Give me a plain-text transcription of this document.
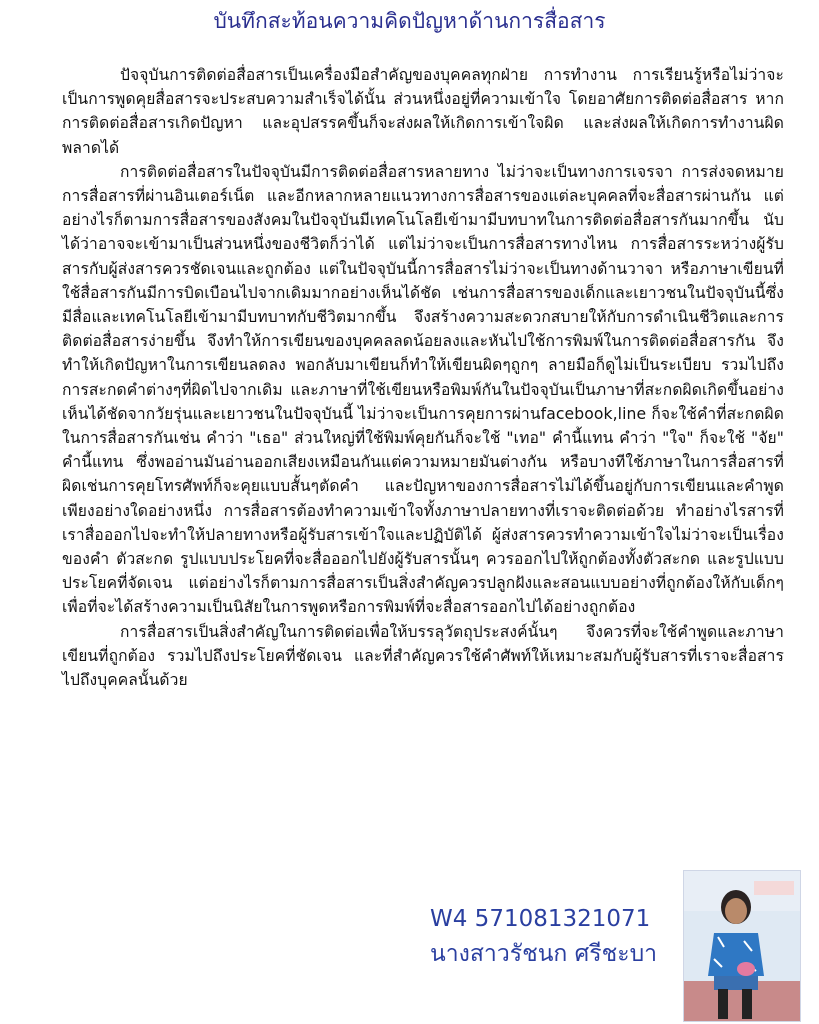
บันทึกสะท้อนความคิดปัญหาด้านการสื่อสาร

ปัจจุบันการติดต่อสื่อสารเป็นเครื่องมือสำคัญของบุคคลทุกฝ่าย การทำงาน การเรียนรู้หรือไม่ว่าจะเป็นการพูดคุยสื่อสารจะประสบความสำเร็จได้นั้น ส่วนหนึ่งอยู่ที่ความเข้าใจ โดยอาศัยการติดต่อสื่อสาร หากการติดต่อสื่อสารเกิดปัญหา และอุปสรรคขึ้นก็จะส่งผลให้เกิดการเข้าใจผิด และส่งผลให้เกิดการทำงานผิดพลาดได้

การติดต่อสื่อสารในปัจจุบันมีการติดต่อสื่อสารหลายทาง ไม่ว่าจะเป็นทางการเจรจา การส่งจดหมาย การสื่อสารที่ผ่านอินเตอร์เน็ต และอีกหลากหลายแนวทางการสื่อสารของแต่ละบุคคลที่จะสื่อสารผ่านกัน แต่อย่างไรก็ตามการสื่อสารของสังคมในปัจจุบันมีเทคโนโลยีเข้ามามีบทบาทในการติดต่อสื่อสารกันมากขึ้น นับได้ว่าอาจจะเข้ามาเป็นส่วนหนึ่งของชีวิตก็ว่าได้ แต่ไม่ว่าจะเป็นการสื่อสารทางไหน การสื่อสารระหว่างผู้รับสารกับผู้ส่งสารควรชัดเจนและถูกต้อง แต่ในปัจจุบันนี้การสื่อสารไม่ว่าจะเป็นทางด้านวาจา หรือภาษาเขียนที่ใช้สื่อสารกันมีการบิดเบือนไปจากเดิมมากอย่างเห็นได้ชัด เช่นการสื่อสารของเด็กและเยาวชนในปัจจุบันนี้ซึ่งมีสื่อและเทคโนโลยีเข้ามามีบทบาทกับชีวิตมากขึ้น จึงสร้างความสะดวกสบายให้กับการดำเนินชีวิตและการติดต่อสื่อสารง่ายขึ้น จึงทำให้การเขียนของบุคคลลดน้อยลงและหันไปใช้การพิมพ์ในการติดต่อสื่อสารกัน จึงทำให้เกิดปัญหาในการเขียนลดลง พอกลับมาเขียนก็ทำให้เขียนผิดๆถูกๆ ลายมือก็ดูไม่เป็นระเบียบ รวมไปถึงการสะกดคำต่างๆที่ผิดไปจากเดิม และภาษาที่ใช้เขียนหรือพิมพ์กันในปัจจุบันเป็นภาษาที่สะกดผิดเกิดขึ้นอย่างเห็นได้ชัดจากวัยรุ่นและเยาวชนในปัจจุบันนี้ ไม่ว่าจะเป็นการคุยการผ่านfacebook,line ก็จะใช้คำที่สะกดผิดในการสื่อสารกันเช่น คำว่า "เธอ" ส่วนใหญ่ที่ใช้พิมพ์คุยกันก็จะใช้ "เทอ" คำนี้แทน คำว่า "ใจ" ก็จะใช้ "จัย" คำนี้แทน ซึ่งพออ่านมันอ่านออกเสียงเหมือนกันแต่ความหมายมันต่างกัน หรือบางทีใช้ภาษาในการสื่อสารที่ผิดเช่นการคุยโทรศัพท์ก็จะคุยแบบสั้นๆตัดคำ และปัญหาของการสื่อสารไม่ได้ขึ้นอยู่กับการเขียนและคำพูดเพียงอย่างใดอย่างหนึ่ง การสื่อสารต้องทำความเข้าใจทั้งภาษาปลายทางที่เราจะติดต่อด้วย ทำอย่างไรสารที่เราสื่อออกไปจะทำให้ปลายทางหรือผู้รับสารเข้าใจและปฏิบัติได้ ผู้ส่งสารควรทำความเข้าใจไม่ว่าจะเป็นเรื่องของคำ ตัวสะกด รูปแบบประโยคที่จะสื่อออกไปยังผู้รับสารนั้นๆ ควรออกไปให้ถูกต้องทั้งตัวสะกด และรูปแบบประโยคที่จัดเจน แต่อย่างไรก็ตามการสื่อสารเป็นสิ่งสำคัญควรปลูกฝังและสอนแบบอย่างที่ถูกต้องให้กับเด็กๆเพื่อที่จะได้สร้างความเป็นนิสัยในการพูดหรือการพิมพ์ที่จะสื่อสารออกไปได้อย่างถูกต้อง

การสื่อสารเป็นสิ่งสำคัญในการติดต่อเพื่อให้บรรลุวัตถุประสงค์นั้นๆ จึงควรที่จะใช้คำพูดและภาษาเขียนที่ถูกต้อง รวมไปถึงประโยคที่ชัดเจน และที่สำคัญควรใช้คำศัพท์ให้เหมาะสมกับผู้รับสารที่เราจะสื่อสารไปถึงบุคคลนั้นด้วย

W4 571081321071
นางสาวรัชนก ศรีชะบา
